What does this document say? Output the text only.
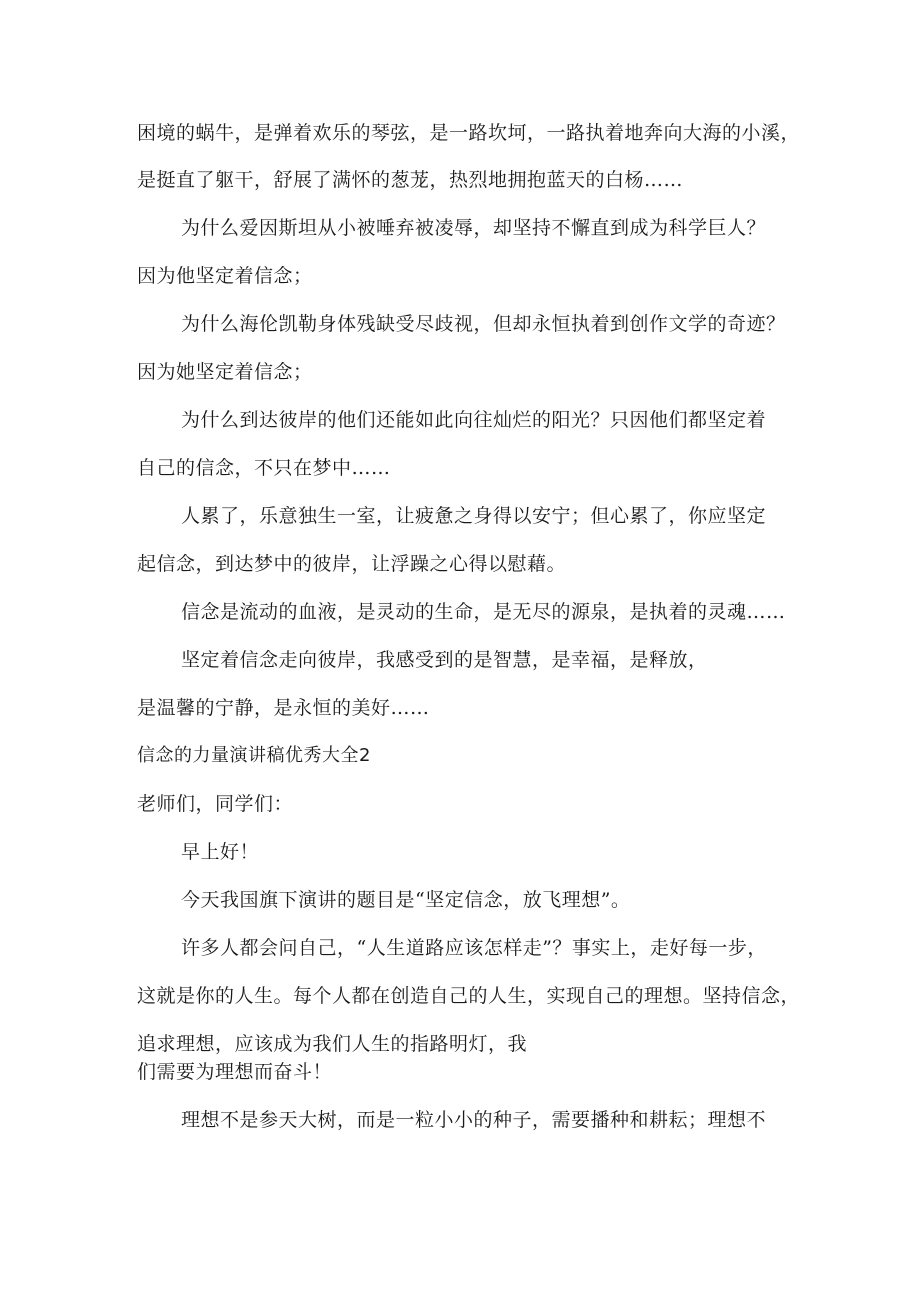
困境的蜗牛，是弹着欢乐的琴弦，是一路坎坷，一路执着地奔向大海的小溪，
是挺直了躯干，舒展了满怀的葱茏，热烈地拥抱蓝天的白杨……
为什么爱因斯坦从小被唾弃被凌辱，却坚持不懈直到成为科学巨人？
因为他坚定着信念；
为什么海伦凯勒身体残缺受尽歧视，但却永恒执着到创作文学的奇迹？
因为她坚定着信念；
为什么到达彼岸的他们还能如此向往灿烂的阳光？只因他们都坚定着
自己的信念，不只在梦中……
人累了，乐意独生一室，让疲惫之身得以安宁；但心累了，你应坚定
起信念，到达梦中的彼岸，让浮躁之心得以慰藉。
信念是流动的血液，是灵动的生命，是无尽的源泉，是执着的灵魂……
坚定着信念走向彼岸，我感受到的是智慧，是幸福，是释放，
是温馨的宁静，是永恒的美好……
信念的力量演讲稿优秀大全2
老师们，同学们：
早上好！
今天我国旗下演讲的题目是“坚定信念，放飞理想”。
许多人都会问自己，“人生道路应该怎样走”？事实上，走好每一步，
这就是你的人生。每个人都在创造自己的人生，实现自己的理想。坚持信念，
追求理想，应该成为我们人生的指路明灯，我
们需要为理想而奋斗！
理想不是参天大树，而是一粒小小的种子，需要播种和耕耘；理想不
